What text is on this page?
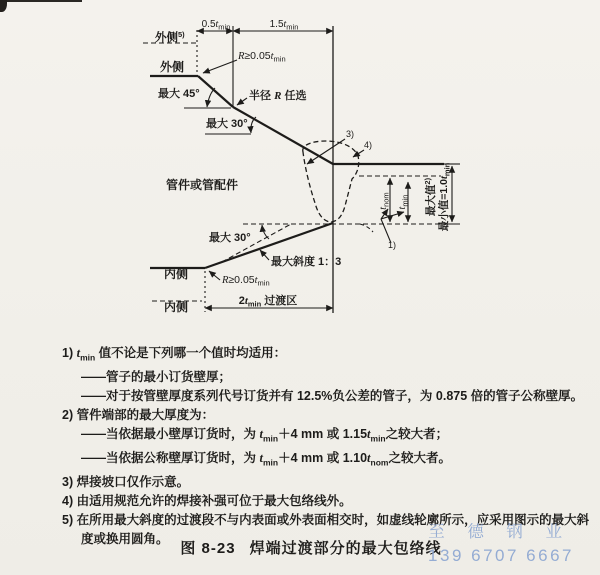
外侧$^{5)}$
$0.5t_{min}$	$1.5t_{min}$
$R\ge 0.05t_{min}$
外侧
最大 45°	半径 R 任选
最大 30°
管件或管配件
3)
4)
$t_{nom}$
$t_{min}$ 最大值$^{2)}$ 最小值$=1.0t_{min}$
1)
最大 30°
最大斜度 1：3
内侧	$R\ge 0.05t_{min}$
内侧	$2t_{min}$ 过渡区
1) $t_{min}$ 值不论是下列哪一个值时均适用：
——管子的最小订货壁厚；
——对于按管壁厚度系列代号订货并有 12.5%负公差的管子，为 0.875 倍的管子公称壁厚。
2) 管件端部的最大厚度为：
——当依据最小壁厚订货时，为 $t_{min}+4$ mm 或 $1.15t_{min}$之较大者；
——当依据公称壁厚订货时，为 $t_{min}+4$ mm 或 $1.10t_{nom}$之较大者。
3) 焊接坡口仅作示意。
4) 由适用规范允许的焊接补强可位于最大包络线外。
5) 在所用最大斜度的过渡段不与内表面或外表面相交时，如虚线轮廓所示，应采用图示的最大斜
度或换用圆角。
图 8-23 焊端过渡部分的最大包络线
至 德 钢 业
139 6707 6667
